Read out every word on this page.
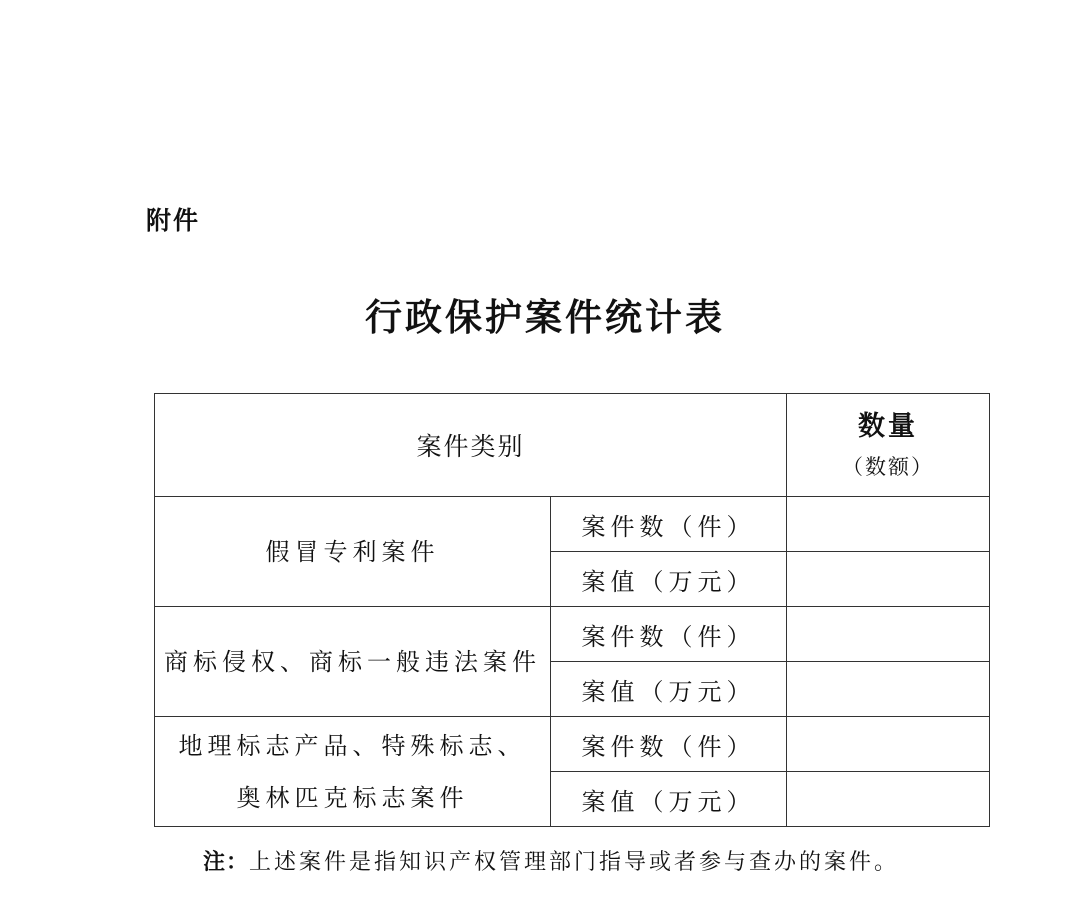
附件
行政保护案件统计表
案件类别		数量
（数额）

假冒专利案件	案件数（件）	
	案值（万元）	

商标侵权、商标一般违法案件	案件数（件）	
	案值（万元）	

地理标志产品、特殊标志、
奥林匹克标志案件	案件数（件）	
	案值（万元）	
注：上述案件是指知识产权管理部门指导或者参与查办的案件。
